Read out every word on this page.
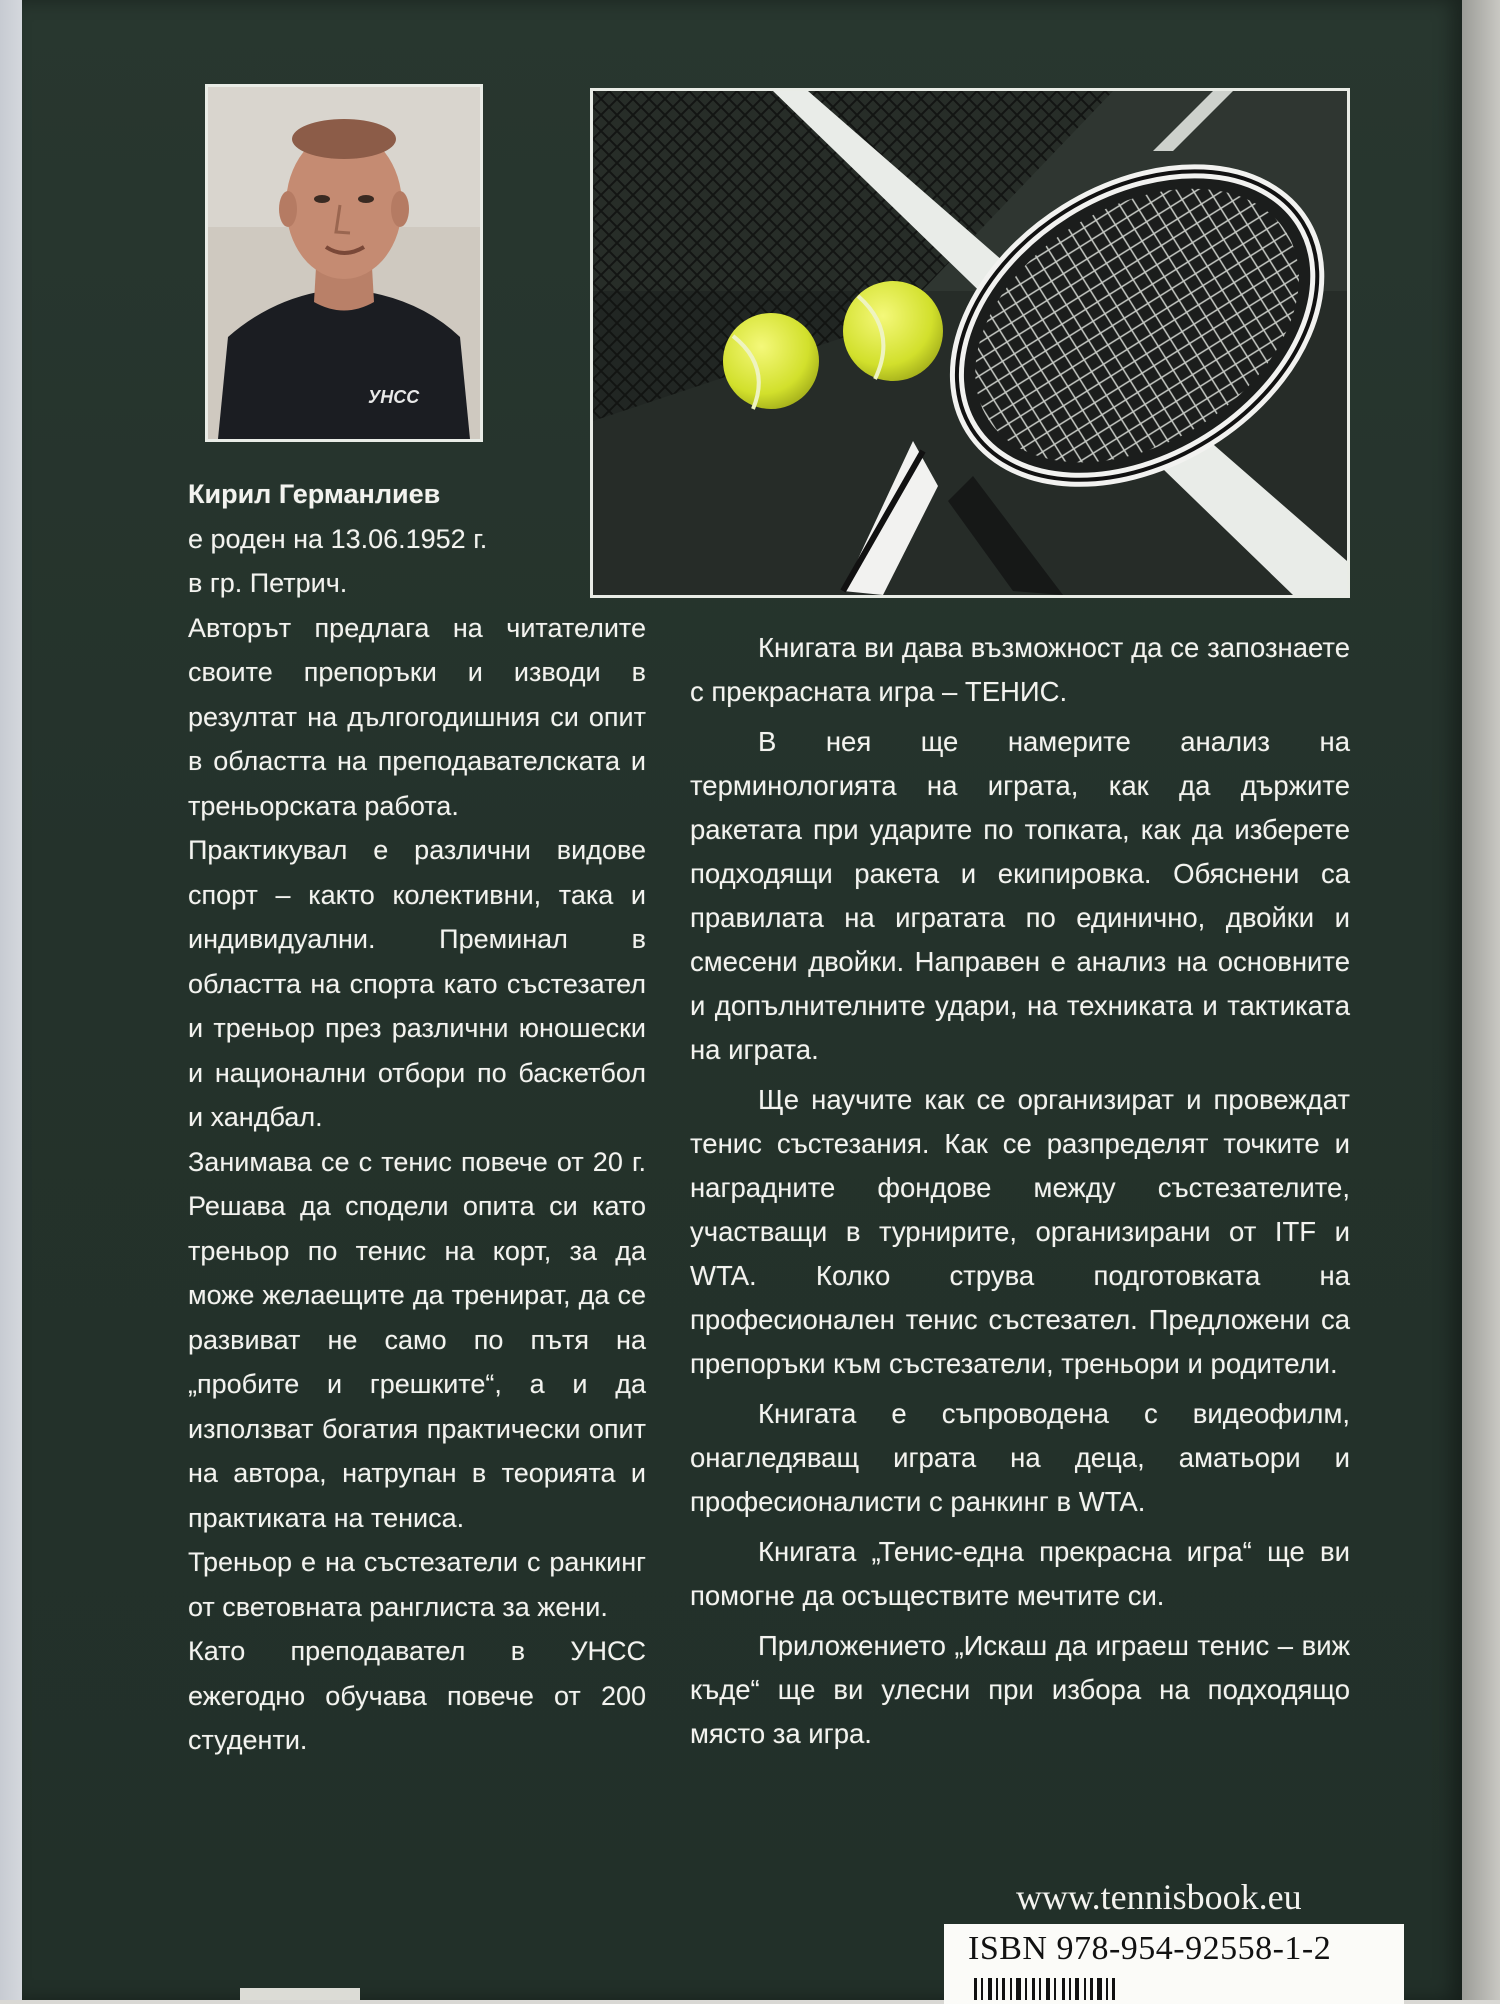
УНСС
Кирил Германлиев
е роден на 13.06.1952 г.
в гр. Петрич.

Авторът предлага на читателите своите препоръки и изводи в резултат на дългогодишния си опит в областта на преподавателската и треньорската работа.

Практикувал е различни видове спорт – както колективни, така и индивидуални. Преминал в областта на спорта като състезател и треньор през различни юношески и национални отбори по баскетбол и хандбал.

Занимава се с тенис повече от 20 г. Решава да сподели опита си като треньор по тенис на корт, за да може желаещите да тренират, да се развиват не само по пътя на „пробите и грешките“, а и да използват богатия практически опит на автора, натрупан в теорията и практиката на тениса.

Треньор е на състезатели с ранкинг от световната ранглиста за жени.

Като преподавател в УНСС ежегодно обучава повече от 200 студенти.

Книгата ви дава възможност да се запознаете с прекрасната игра – ТЕНИС.

В нея ще намерите анализ на терминологията на играта, как да държите ракетата при ударите по топката, как да изберете подходящи ракета и екипировка. Обяснени са правилата на игратата по единично, двойки и смесени двойки. Направен е анализ на основните и допълнителните удари, на техниката и тактиката на играта.

Ще научите как се организират и провеждат тенис състезания. Как се разпределят точките и наградните фондове между състезателите, участващи в турнирите, организирани от ITF и WTA. Колко струва подготовката на професионален тенис състезател. Предложени са препоръки към състезатели, треньори и родители.

Книгата е съпроводена с видеофилм, онагледяващ играта на деца, аматьори и професионалисти с ранкинг в WTA.

Книгата „Тенис-една прекрасна игра“ ще ви помогне да осъществите мечтите си.

Приложението „Искаш да играеш тенис – виж къде“ ще ви улесни при избора на подходящо място за игра.

www.tennisbook.eu
ISBN 978-954-92558-1-2
